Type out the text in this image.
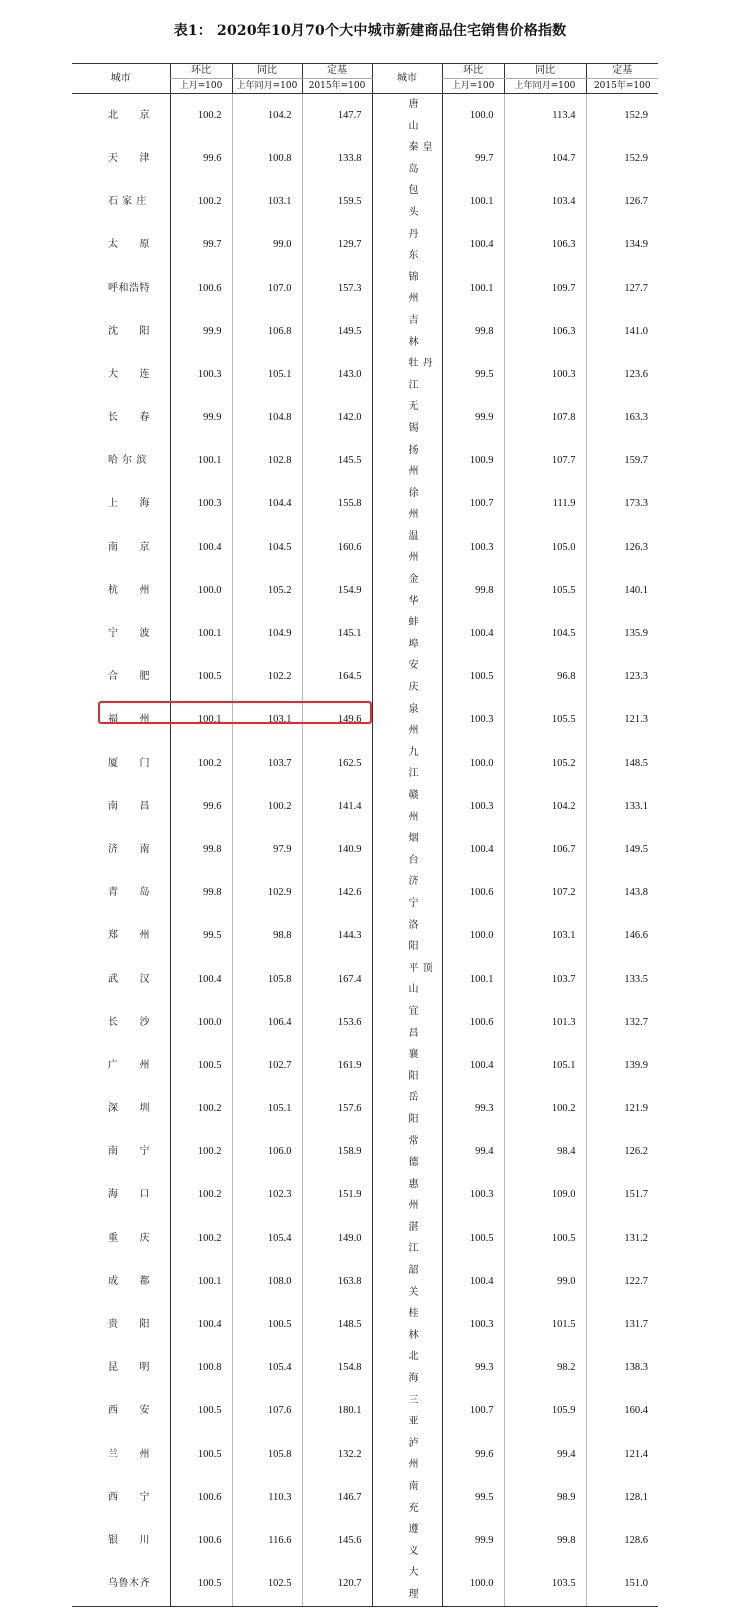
表1： 2020年10月70个大中城市新建商品住宅销售价格指数
城市	环比	同比	定基	城市	环比	同比	定基
	上月=100	上年同月=100	2015年=100		上月=100	上年同月=100	2015年=100
北　　京	100.2	104.2	147.7	唐　　山	100.0	113.4	152.9
天　　津	99.6	100.8	133.8	秦 皇 岛	99.7	104.7	152.9
石 家 庄	100.2	103.1	159.5	包　　头	100.1	103.4	126.7
太　　原	99.7	99.0	129.7	丹　　东	100.4	106.3	134.9
呼和浩特	100.6	107.0	157.3	锦　　州	100.1	109.7	127.7
沈　　阳	99.9	106.8	149.5	吉　　林	99.8	106.3	141.0
大　　连	100.3	105.1	143.0	牡 丹 江	99.5	100.3	123.6
长　　春	99.9	104.8	142.0	无　　锡	99.9	107.8	163.3
哈 尔 滨	100.1	102.8	145.5	扬　　州	100.9	107.7	159.7
上　　海	100.3	104.4	155.8	徐　　州	100.7	111.9	173.3
南　　京	100.4	104.5	160.6	温　　州	100.3	105.0	126.3
杭　　州	100.0	105.2	154.9	金　　华	99.8	105.5	140.1
宁　　波	100.1	104.9	145.1	蚌　　埠	100.4	104.5	135.9
合　　肥	100.5	102.2	164.5	安　　庆	100.5	96.8	123.3
福　　州	100.1	103.1	149.6	泉　　州	100.3	105.5	121.3
厦　　门	100.2	103.7	162.5	九　　江	100.0	105.2	148.5
南　　昌	99.6	100.2	141.4	赣　　州	100.3	104.2	133.1
济　　南	99.8	97.9	140.9	烟　　台	100.4	106.7	149.5
青　　岛	99.8	102.9	142.6	济　　宁	100.6	107.2	143.8
郑　　州	99.5	98.8	144.3	洛　　阳	100.0	103.1	146.6
武　　汉	100.4	105.8	167.4	平 顶 山	100.1	103.7	133.5
长　　沙	100.0	106.4	153.6	宜　　昌	100.6	101.3	132.7
广　　州	100.5	102.7	161.9	襄　　阳	100.4	105.1	139.9
深　　圳	100.2	105.1	157.6	岳　　阳	99.3	100.2	121.9
南　　宁	100.2	106.0	158.9	常　　德	99.4	98.4	126.2
海　　口	100.2	102.3	151.9	惠　　州	100.3	109.0	151.7
重　　庆	100.2	105.4	149.0	湛　　江	100.5	100.5	131.2
成　　都	100.1	108.0	163.8	韶　　关	100.4	99.0	122.7
贵　　阳	100.4	100.5	148.5	桂　　林	100.3	101.5	131.7
昆　　明	100.8	105.4	154.8	北　　海	99.3	98.2	138.3
西　　安	100.5	107.6	180.1	三　　亚	100.7	105.9	160.4
兰　　州	100.5	105.8	132.2	泸　　州	99.6	99.4	121.4
西　　宁	100.6	110.3	146.7	南　　充	99.5	98.9	128.1
银　　川	100.6	116.6	145.6	遵　　义	99.9	99.8	128.6
乌鲁木齐	100.5	102.5	120.7	大　　理	100.0	103.5	151.0
